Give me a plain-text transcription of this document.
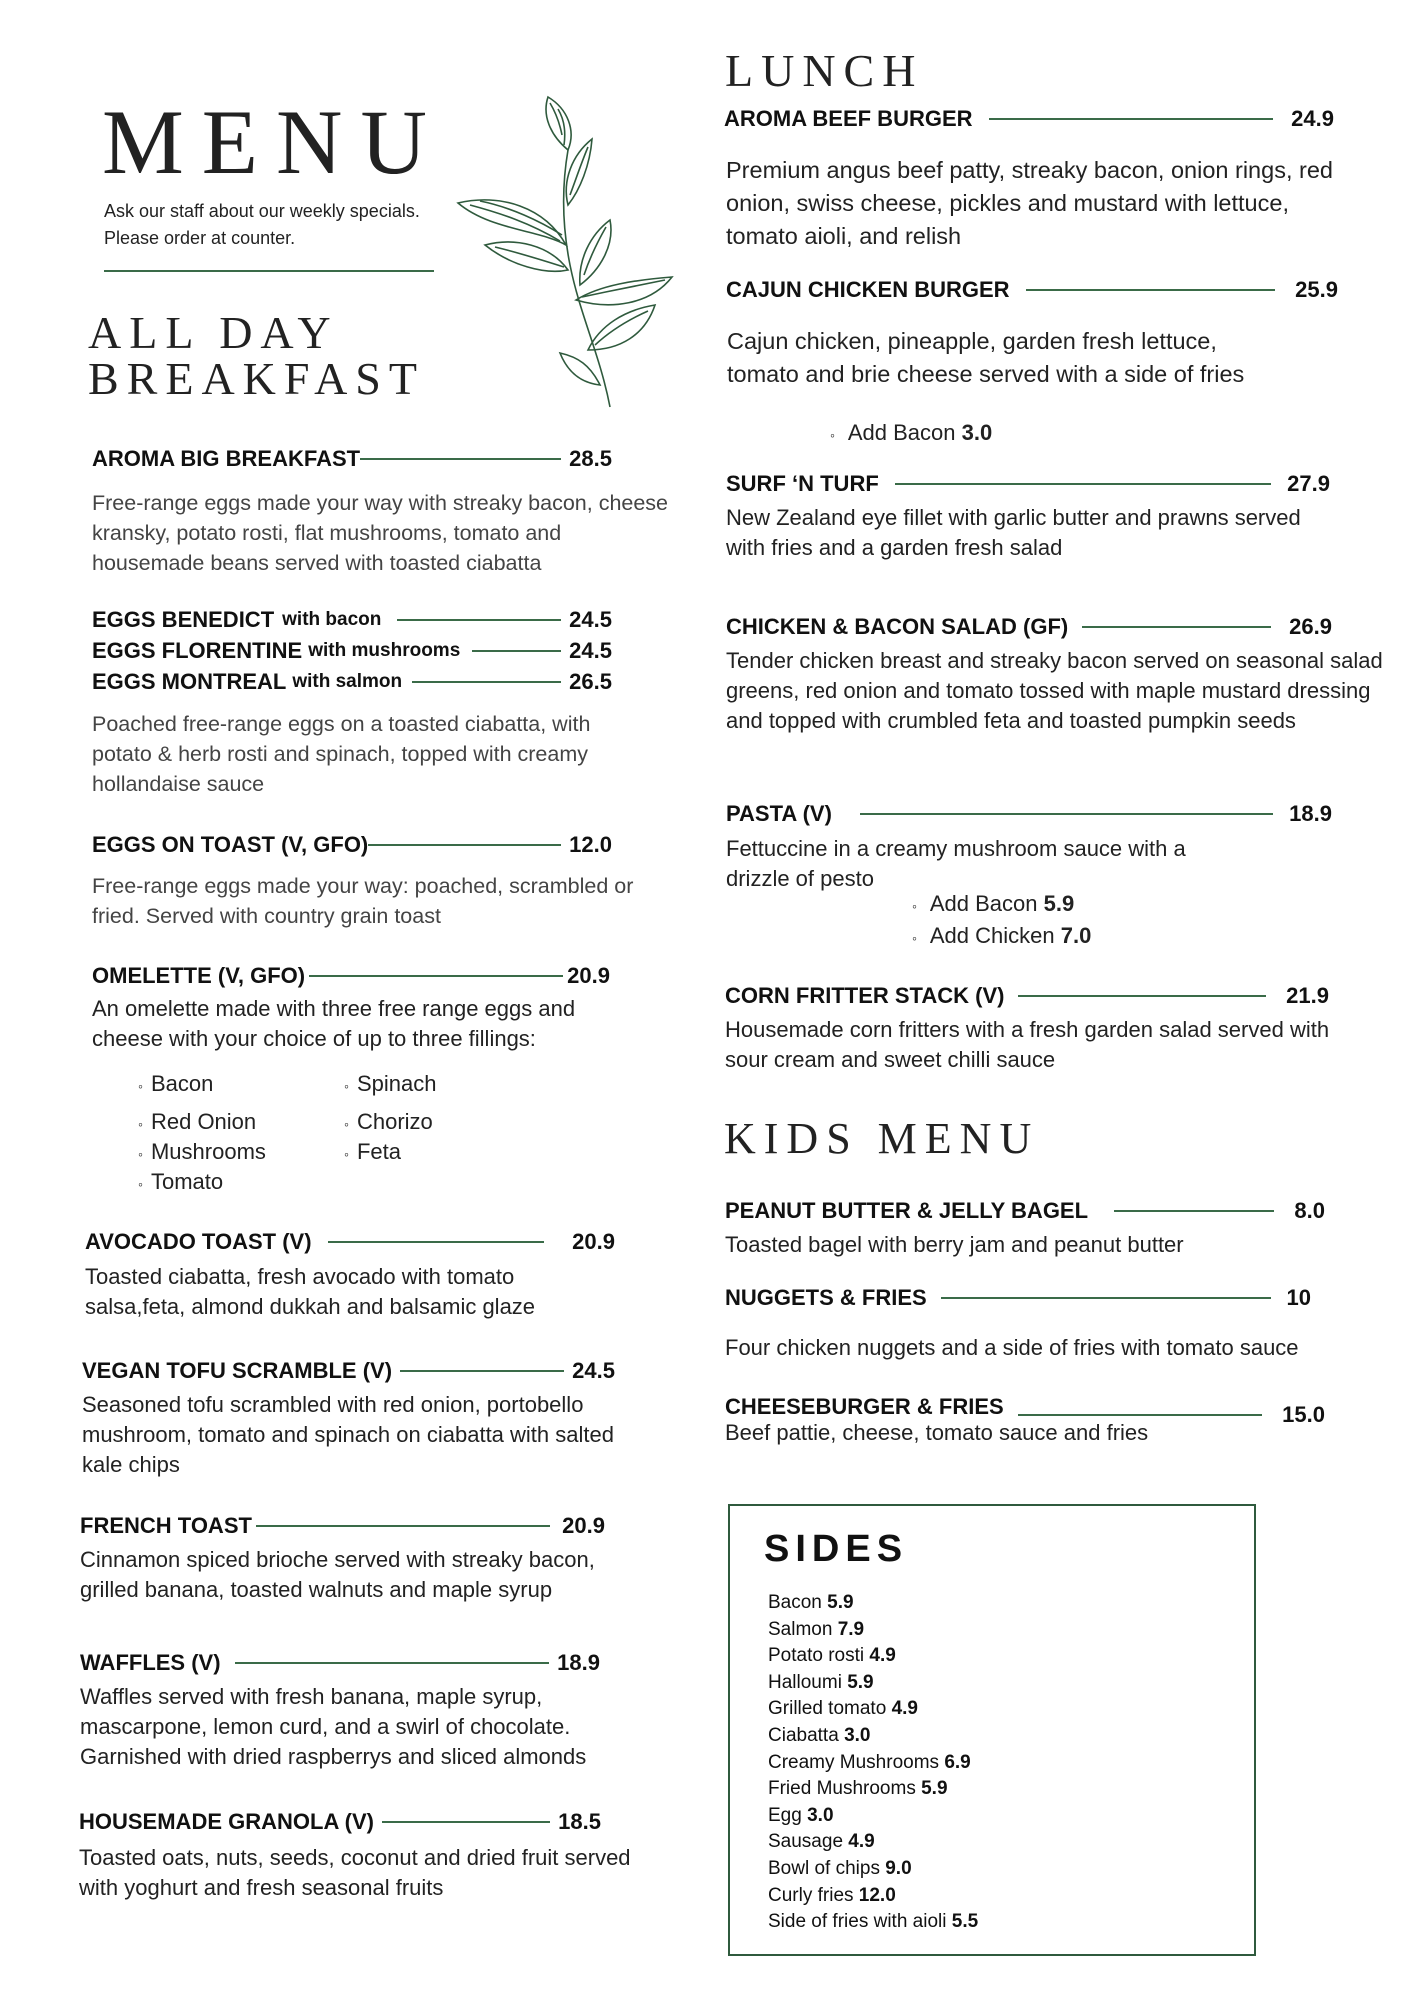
MENU
Ask our staff about our weekly specials.
Please order at counter.
ALL DAY
BREAKFAST
AROMA BIG BREAKFAST	28.5
Free-range eggs made your way with streaky bacon, cheese kransky, potato rosti, flat mushrooms, tomato and housemade beans served with toasted ciabatta
EGGS BENEDICT with bacon	24.5
EGGS FLORENTINE with mushrooms	24.5
EGGS MONTREAL with salmon	26.5
Poached free-range eggs on a toasted ciabatta, with potato & herb rosti and spinach, topped with creamy hollandaise sauce
EGGS ON TOAST (V, GFO)	12.0
Free-range eggs made your way: poached, scrambled or fried. Served with country grain toast
OMELETTE (V, GFO)	20.9
An omelette made with three free range eggs and cheese with your choice of up to three fillings:
◦ Bacon	◦ Spinach
◦ Red Onion	◦ Chorizo
◦ Mushrooms	◦ Feta
◦ Tomato
AVOCADO TOAST (V)	20.9
Toasted ciabatta, fresh avocado with tomato salsa,feta, almond dukkah and balsamic glaze
VEGAN TOFU SCRAMBLE (V)	24.5
Seasoned tofu scrambled with red onion, portobello mushroom, tomato and spinach on ciabatta with salted kale chips
FRENCH TOAST	20.9
Cinnamon spiced brioche served with streaky bacon, grilled banana, toasted walnuts and maple syrup
WAFFLES (V)	18.9
Waffles served with fresh banana, maple syrup, mascarpone, lemon curd, and a swirl of chocolate. Garnished with dried raspberrys and sliced almonds
HOUSEMADE GRANOLA (V)	18.5
Toasted oats, nuts, seeds, coconut and dried fruit served with yoghurt and fresh seasonal fruits
LUNCH
AROMA BEEF BURGER	24.9
Premium angus beef patty, streaky bacon, onion rings, red onion, swiss cheese, pickles and mustard with lettuce, tomato aioli, and relish
CAJUN CHICKEN BURGER	25.9
Cajun chicken, pineapple, garden fresh lettuce, tomato and brie cheese served with a side of fries
◦ Add Bacon 3.0
SURF ‘N TURF	27.9
New Zealand eye fillet with garlic butter and prawns served with fries and a garden fresh salad
CHICKEN & BACON SALAD (GF)	26.9
Tender chicken breast and streaky bacon served on seasonal salad greens, red onion and tomato tossed with maple mustard dressing and topped with crumbled feta and toasted pumpkin seeds
PASTA (V)	18.9
Fettuccine in a creamy mushroom sauce with a drizzle of pesto
◦ Add Bacon 5.9
◦ Add Chicken 7.0
CORN FRITTER STACK (V)	21.9
Housemade corn fritters with a fresh garden salad served with sour cream and sweet chilli sauce
KIDS MENU
PEANUT BUTTER & JELLY BAGEL	8.0
Toasted bagel with berry jam and peanut butter
NUGGETS & FRIES	10
Four chicken nuggets and a side of fries with tomato sauce
CHEESEBURGER & FRIES	15.0
Beef pattie, cheese, tomato sauce and fries
SIDES
Bacon 5.9
Salmon 7.9
Potato rosti 4.9
Halloumi 5.9
Grilled tomato 4.9
Ciabatta 3.0
Creamy Mushrooms 6.9
Fried Mushrooms 5.9
Egg 3.0
Sausage 4.9
Bowl of chips 9.0
Curly fries 12.0
Side of fries with aioli 5.5
